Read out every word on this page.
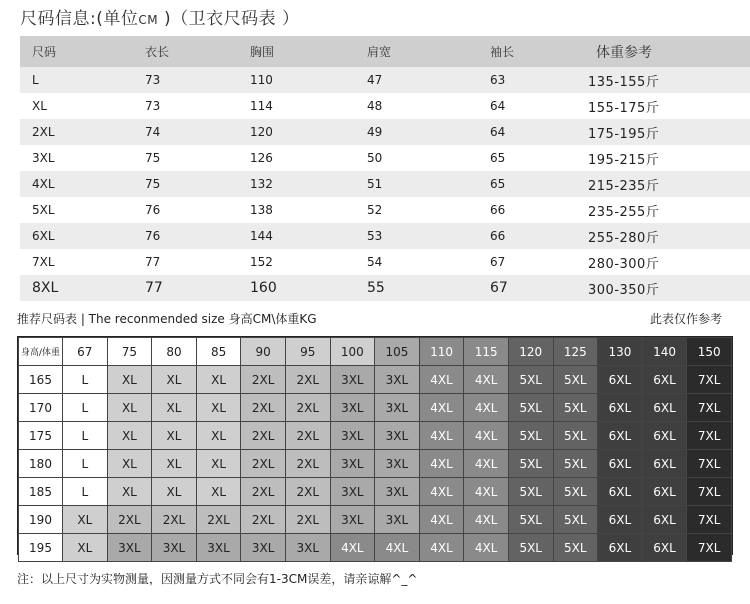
尺码信息:(单位CM )（卫衣尺码表 ）
尺码	衣长	胸围	肩宽	袖长	体重参考
L	73	110	47	63	135-155斤
XL	73	114	48	64	155-175斤
2XL	74	120	49	64	175-195斤
3XL	75	126	50	65	195-215斤
4XL	75	132	51	65	215-235斤
5XL	76	138	52	66	235-255斤
6XL	76	144	53	66	255-280斤
7XL	77	152	54	67	280-300斤
8XL	77	160	55	67	300-350斤
推荐尺码表 | The reconmended size 身高CM\体重KG	此表仅作参考
身高/体重	67	75	80	85	90	95	100	105	110	115	120	125	130	140	150
165	L	XL	XL	XL	2XL	2XL	3XL	3XL	4XL	4XL	5XL	5XL	6XL	6XL	7XL
170	L	XL	XL	XL	2XL	2XL	3XL	3XL	4XL	4XL	5XL	5XL	6XL	6XL	7XL
175	L	XL	XL	XL	2XL	2XL	3XL	3XL	4XL	4XL	5XL	5XL	6XL	6XL	7XL
180	L	XL	XL	XL	2XL	2XL	3XL	3XL	4XL	4XL	5XL	5XL	6XL	6XL	7XL
185	L	XL	XL	XL	2XL	2XL	3XL	3XL	4XL	4XL	5XL	5XL	6XL	6XL	7XL
190	XL	2XL	2XL	2XL	2XL	2XL	3XL	3XL	4XL	4XL	5XL	5XL	6XL	6XL	7XL
195	XL	3XL	3XL	3XL	3XL	3XL	4XL	4XL	4XL	4XL	5XL	5XL	6XL	6XL	7XL
注：以上尺寸为实物测量，因测量方式不同会有1-3CM误差，请亲谅解^_^
